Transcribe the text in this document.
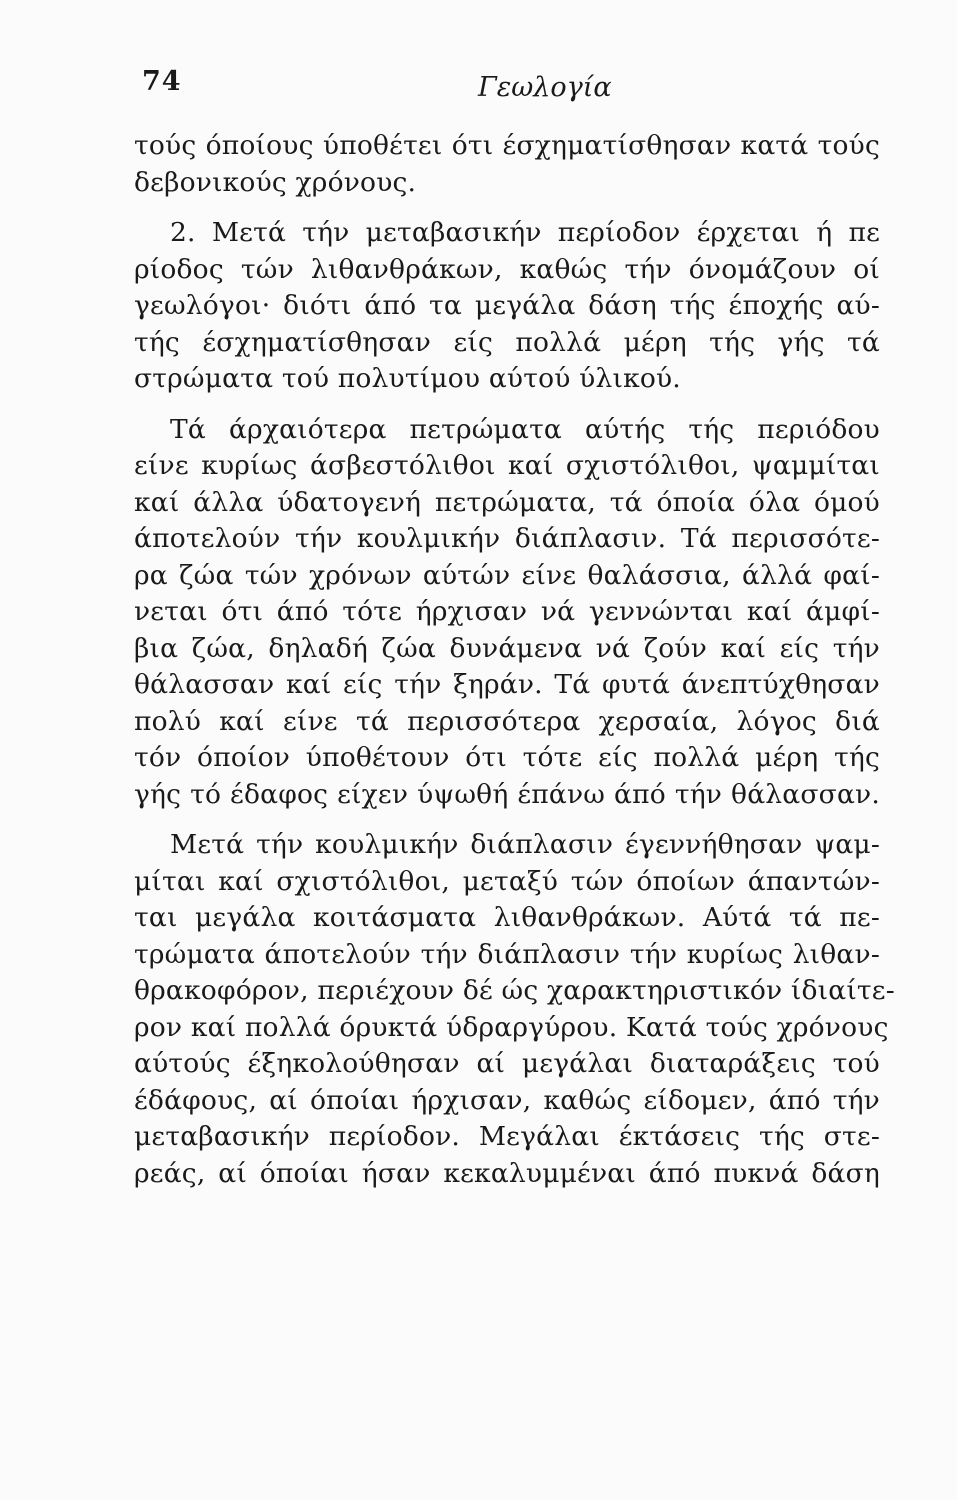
74	Γεωλογία
τούς όποίους ύποθέτει ότι έσχηματίσθησαν κατά τούς
δεβονικούς χρόνους.
2. Μετά τήν μεταβασικήν περίοδον έρχεται ή πε
ρίοδος τών λιθανθράκων, καθώς τήν όνομάζουν οί
γεωλόγοι· διότι άπό τα μεγάλα δάση τής έποχής αύ-
τής έσχηματίσθησαν είς πολλά μέρη τής γής τά
στρώματα τού πολυτίμου αύτού ύλικού.
Τά άρχαιότερα πετρώματα αύτής τής περιόδου
είνε κυρίως άσβεστόλιθοι καί σχιστόλιθοι, ψαμμίται
καί άλλα ύδατογενή πετρώματα, τά όποία όλα όμού
άποτελούν τήν κουλμικήν διάπλασιν. Τά περισσότε-
ρα ζώα τών χρόνων αύτών είνε θαλάσσια, άλλά φαί-
νεται ότι άπό τότε ήρχισαν νά γεννώνται καί άμφί-
βια ζώα, δηλαδή ζώα δυνάμενα νά ζούν καί είς τήν
θάλασσαν καί είς τήν ξηράν. Τά φυτά άνεπτύχθησαν
πολύ καί είνε τά περισσότερα χερσαία, λόγος διά
τόν όποίον ύποθέτουν ότι τότε είς πολλά μέρη τής
γής τό έδαφος είχεν ύψωθή έπάνω άπό τήν θάλασσαν.
Μετά τήν κουλμικήν διάπλασιν έγεννήθησαν ψαμ-
μίται καί σχιστόλιθοι, μεταξύ τών όποίων άπαντών-
ται μεγάλα κοιτάσματα λιθανθράκων. Αύτά τά πε-
τρώματα άποτελούν τήν διάπλασιν τήν κυρίως λιθαν-
θρακοφόρον, περιέχουν δέ ώς χαρακτηριστικόν ίδιαίτε-
ρον καί πολλά όρυκτά ύδραργύρου. Κατά τούς χρόνους
αύτούς έξηκολούθησαν αί μεγάλαι διαταράξεις τού
έδάφους, αί όποίαι ήρχισαν, καθώς είδομεν, άπό τήν
μεταβασικήν περίοδον. Μεγάλαι έκτάσεις τής στε-
ρεάς, αί όποίαι ήσαν κεκαλυμμέναι άπό πυκνά δάση
